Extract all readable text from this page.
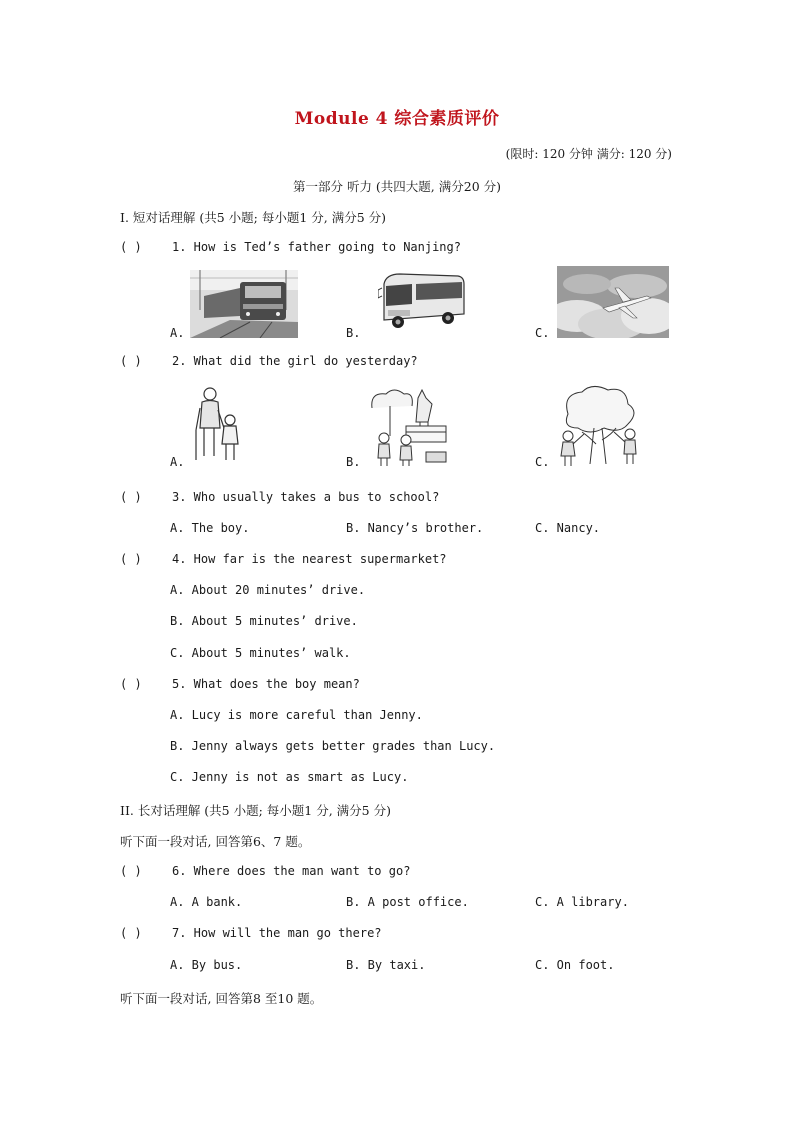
Module 4 综合素质评价
(限时: 120 分钟 满分: 120 分)
第一部分 听力 (共四大题, 满分20 分)
I. 短对话理解 (共5 小题; 每小题1 分, 满分5 分)
( )	1. How is Ted’s father going to Nanjing?
A.	B.	C.
( )	2. What did the girl do yesterday?
A.	B.	C.
( )	3. Who usually takes a bus to school?
A. The boy.	B. Nancy’s brother.	C. Nancy.
( )	4. How far is the nearest supermarket?
A. About 20 minutes’ drive.
B. About 5 minutes’ drive.
C. About 5 minutes’ walk.
( )	5. What does the boy mean?
A. Lucy is more careful than Jenny.
B. Jenny always gets better grades than Lucy.
C. Jenny is not as smart as Lucy.
II. 长对话理解 (共5 小题; 每小题1 分, 满分5 分)
听下面一段对话, 回答第6、7 题。
( )	6. Where does the man want to go?
A. A bank.	B. A post office.	C. A library.
( )	7. How will the man go there?
A. By bus.	B. By taxi.	C. On foot.
听下面一段对话, 回答第8 至10 题。
